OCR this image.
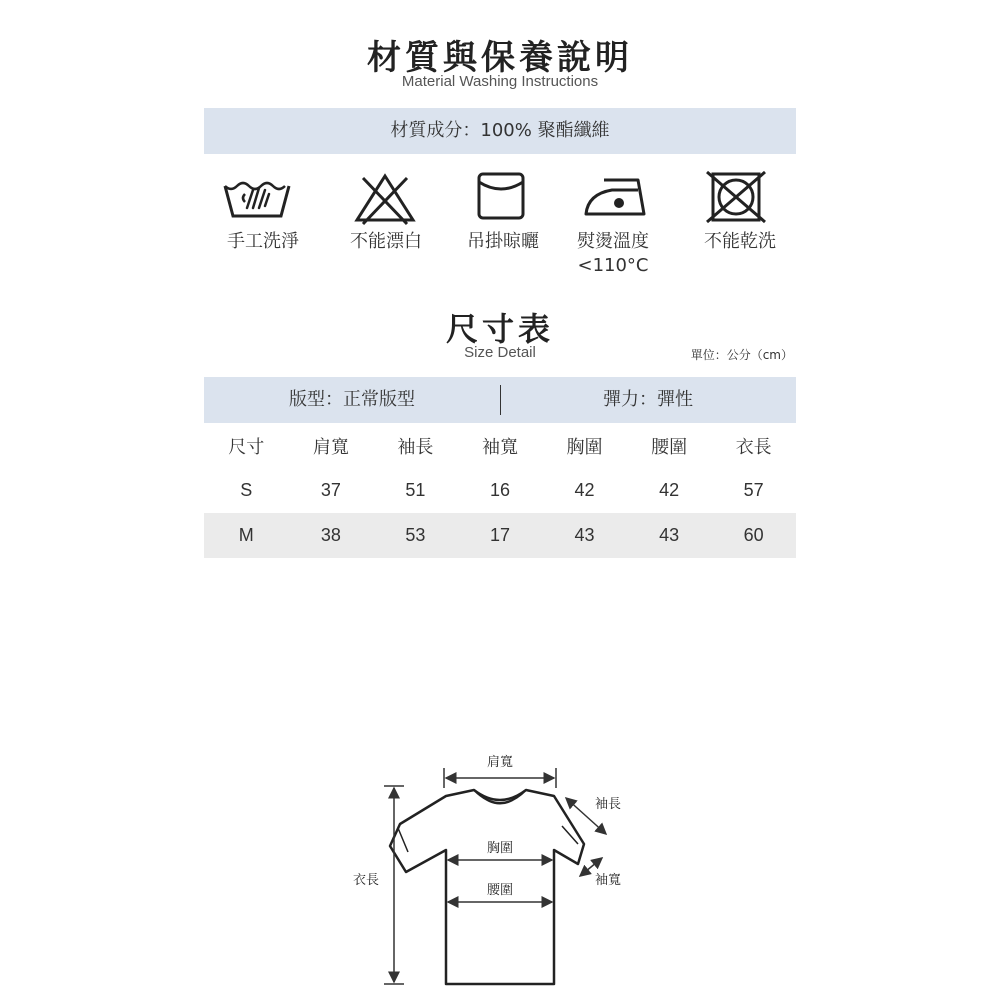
材質與保養說明
Material Washing Instructions
材質成分：100% 聚酯纖維
手工洗淨	不能漂白	吊掛晾曬	熨燙溫度
<110°C
不能乾洗
尺寸表
Size Detail	單位：公分（cm）
版型：正常版型	彈力：彈性
尺寸	肩寬	袖長	袖寬	胸圍	腰圍	衣長
S	37	51	16	42	42	57
M	38	53	17	43	43	60
肩寬
袖長
胸圍
袖寬
腰圍
衣長
